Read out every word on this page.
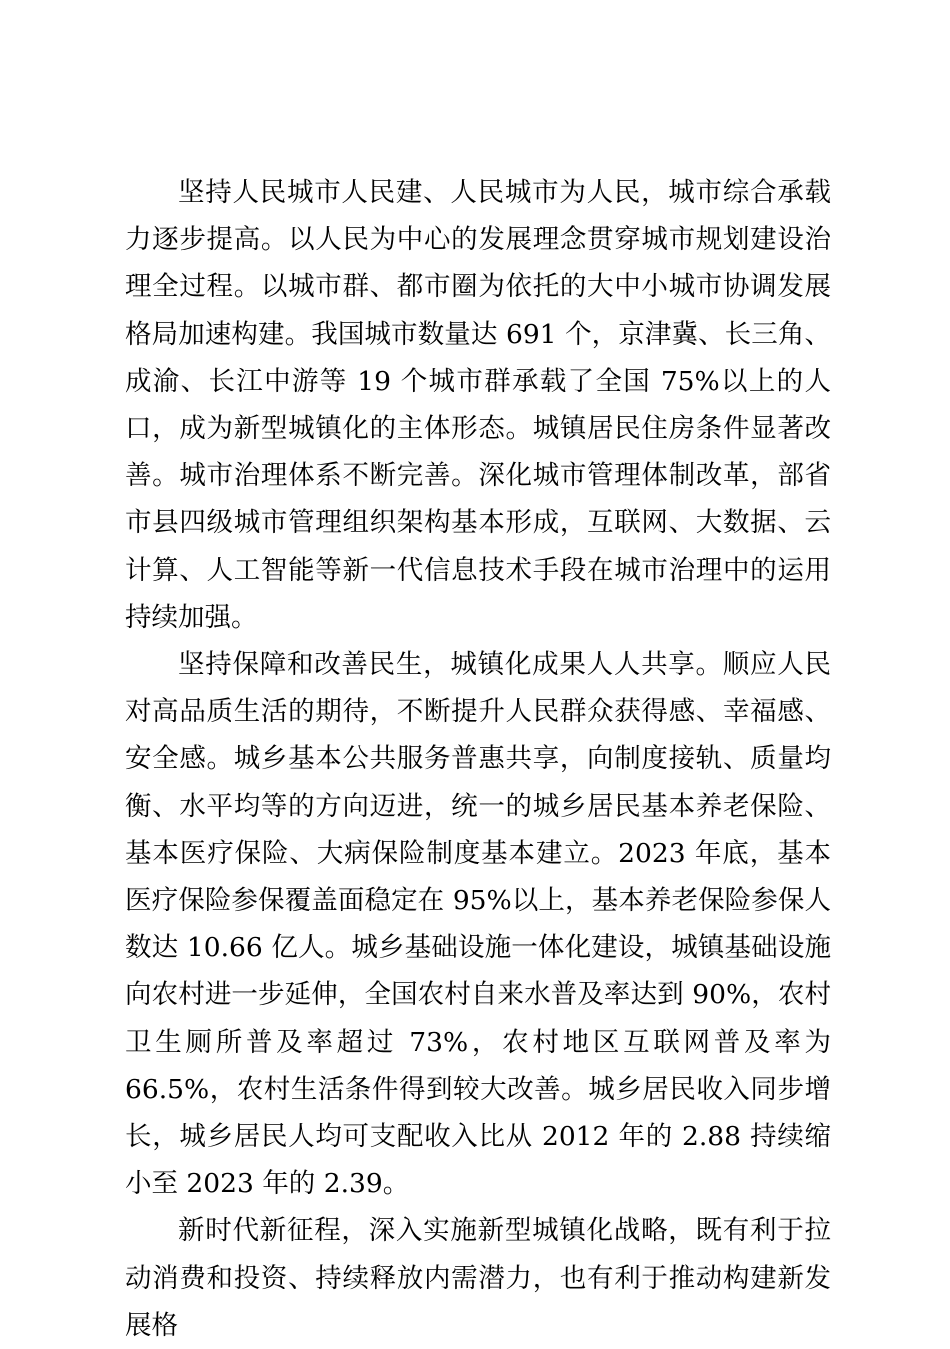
坚持人民城市人民建、人民城市为人民，城市综合承载力逐步提高。以人民为中心的发展理念贯穿城市规划建设治理全过程。以城市群、都市圈为依托的大中小城市协调发展格局加速构建。我国城市数量达 691 个，京津冀、长三角、成渝、长江中游等 19 个城市群承载了全国 75%以上的人口，成为新型城镇化的主体形态。城镇居民住房条件显著改善。城市治理体系不断完善。深化城市管理体制改革，部省市县四级城市管理组织架构基本形成，互联网、大数据、云计算、人工智能等新一代信息技术手段在城市治理中的运用持续加强。

坚持保障和改善民生，城镇化成果人人共享。顺应人民对高品质生活的期待，不断提升人民群众获得感、幸福感、安全感。城乡基本公共服务普惠共享，向制度接轨、质量均衡、水平均等的方向迈进，统一的城乡居民基本养老保险、基本医疗保险、大病保险制度基本建立。2023 年底，基本医疗保险参保覆盖面稳定在 95%以上，基本养老保险参保人数达 10.66 亿人。城乡基础设施一体化建设，城镇基础设施向农村进一步延伸，全国农村自来水普及率达到 90%，农村卫生厕所普及率超过 73%，农村地区互联网普及率为 66.5%，农村生活条件得到较大改善。城乡居民收入同步增长，城乡居民人均可支配收入比从 2012 年的 2.88 持续缩小至 2023 年的 2.39。

新时代新征程，深入实施新型城镇化战略，既有利于拉动消费和投资、持续释放内需潜力，也有利于推动构建新发展格
